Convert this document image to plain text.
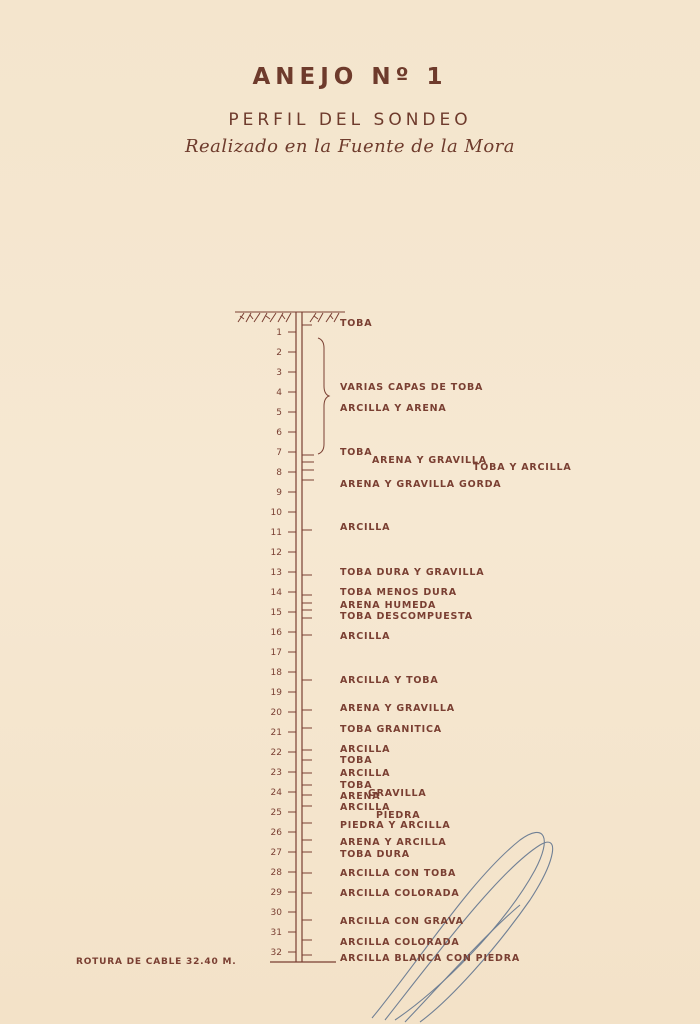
ANEJO Nº 1
PERFIL DEL SONDEO
Realizado en la Fuente de la Mora
1
2
3
4
5
6
7
8
9
10
11
12
13
14
15
16
17
18
19
20
21
22
23
24
25
26
27
28
29
30
31
32
TOBA
VARIAS CAPAS DE TOBA
ARCILLA Y ARENA
TOBA
ARENA Y GRAVILLA
TOBA Y ARCILLA
ARENA Y GRAVILLA GORDA
ARCILLA
TOBA DURA Y GRAVILLA
TOBA MENOS DURA
ARENA HUMEDA
TOBA DESCOMPUESTA
ARCILLA
ARCILLA Y TOBA
ARENA Y GRAVILLA
TOBA GRANITICA
ARCILLA
TOBA
ARCILLA
TOBA
ARENA
GRAVILLA
ARCILLA
PIEDRA
PIEDRA Y ARCILLA
ARENA Y ARCILLA
TOBA DURA
ARCILLA CON TOBA
ARCILLA COLORADA
ARCILLA CON GRAVA
ARCILLA COLORADA
ARCILLA BLANCA CON PIEDRA
ROTURA DE CABLE 32.40 M.
